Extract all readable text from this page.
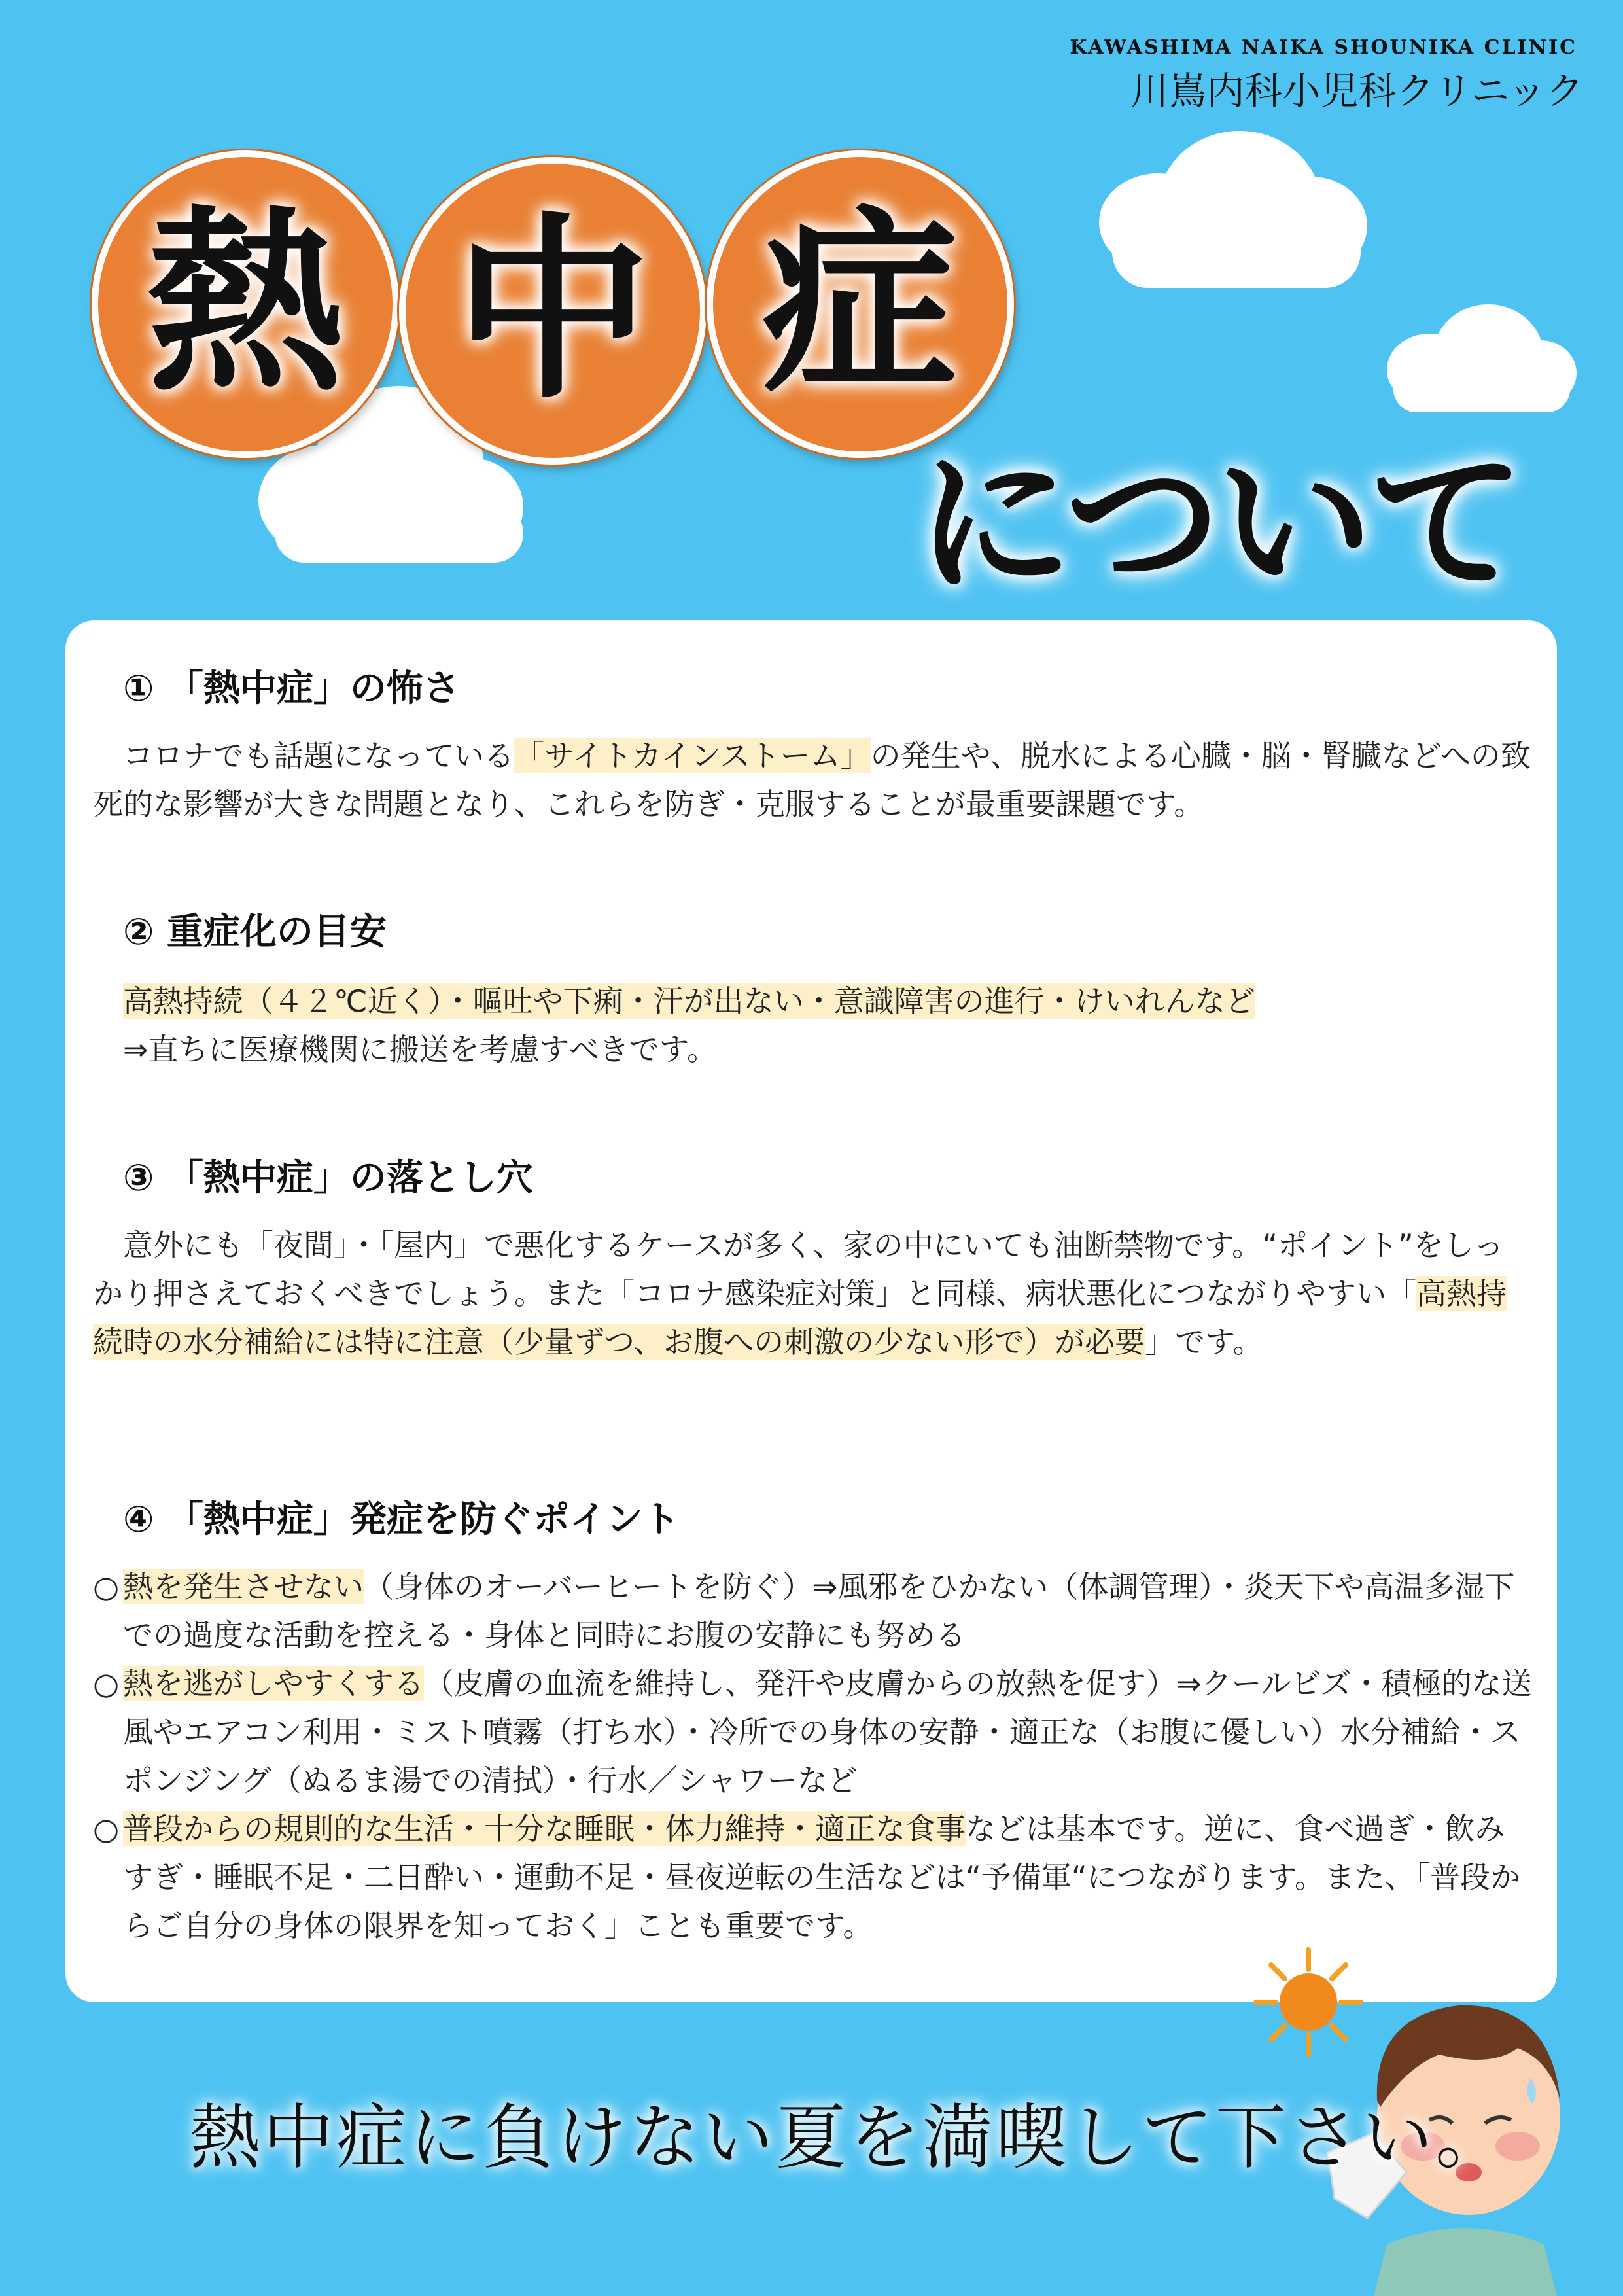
KAWASHIMA NAIKA SHOUNIKA CLINIC
川嶌内科小児科クリニック
熱 中 症
について
① 「熱中症」の怖さ
　コロナでも話題になっている「サイトカインストーム」の発生や、脱水による心臓・脳・腎臓などへの致死的な影響が大きな問題となり、これらを防ぎ・克服することが最重要課題です。
② 重症化の目安
高熱持続（４２℃近く）・嘔吐や下痢・汗が出ない・意識障害の進行・けいれんなど
⇒直ちに医療機関に搬送を考慮すべきです。
③ 「熱中症」の落とし穴
　意外にも「夜間」・「屋内」で悪化するケースが多く、家の中にいても油断禁物です。“ポイント”をしっかり押さえておくべきでしょう。また「コロナ感染症対策」と同様、病状悪化につながりやすい「高熱持続時の水分補給には特に注意（少量ずつ、お腹への刺激の少ない形で）が必要」です。
④ 「熱中症」発症を防ぐポイント
○ 熱を発生させない（身体のオーバーヒートを防ぐ）⇒風邪をひかない（体調管理）・炎天下や高温多湿下での過度な活動を控える・身体と同時にお腹の安静にも努める
○ 熱を逃がしやすくする（皮膚の血流を維持し、発汗や皮膚からの放熱を促す）⇒クールビズ・積極的な送風やエアコン利用・ミスト噴霧（打ち水）・冷所での身体の安静・適正な（お腹に優しい）水分補給・スポンジング（ぬるま湯での清拭）・行水／シャワーなど
○ 普段からの規則的な生活・十分な睡眠・体力維持・適正な食事などは基本です。逆に、食べ過ぎ・飲みすぎ・睡眠不足・二日酔い・運動不足・昼夜逆転の生活などは“予備軍“につながります。また、「普段からご自分の身体の限界を知っておく」ことも重要です。
熱中症に負けない夏を満喫して下さい。
